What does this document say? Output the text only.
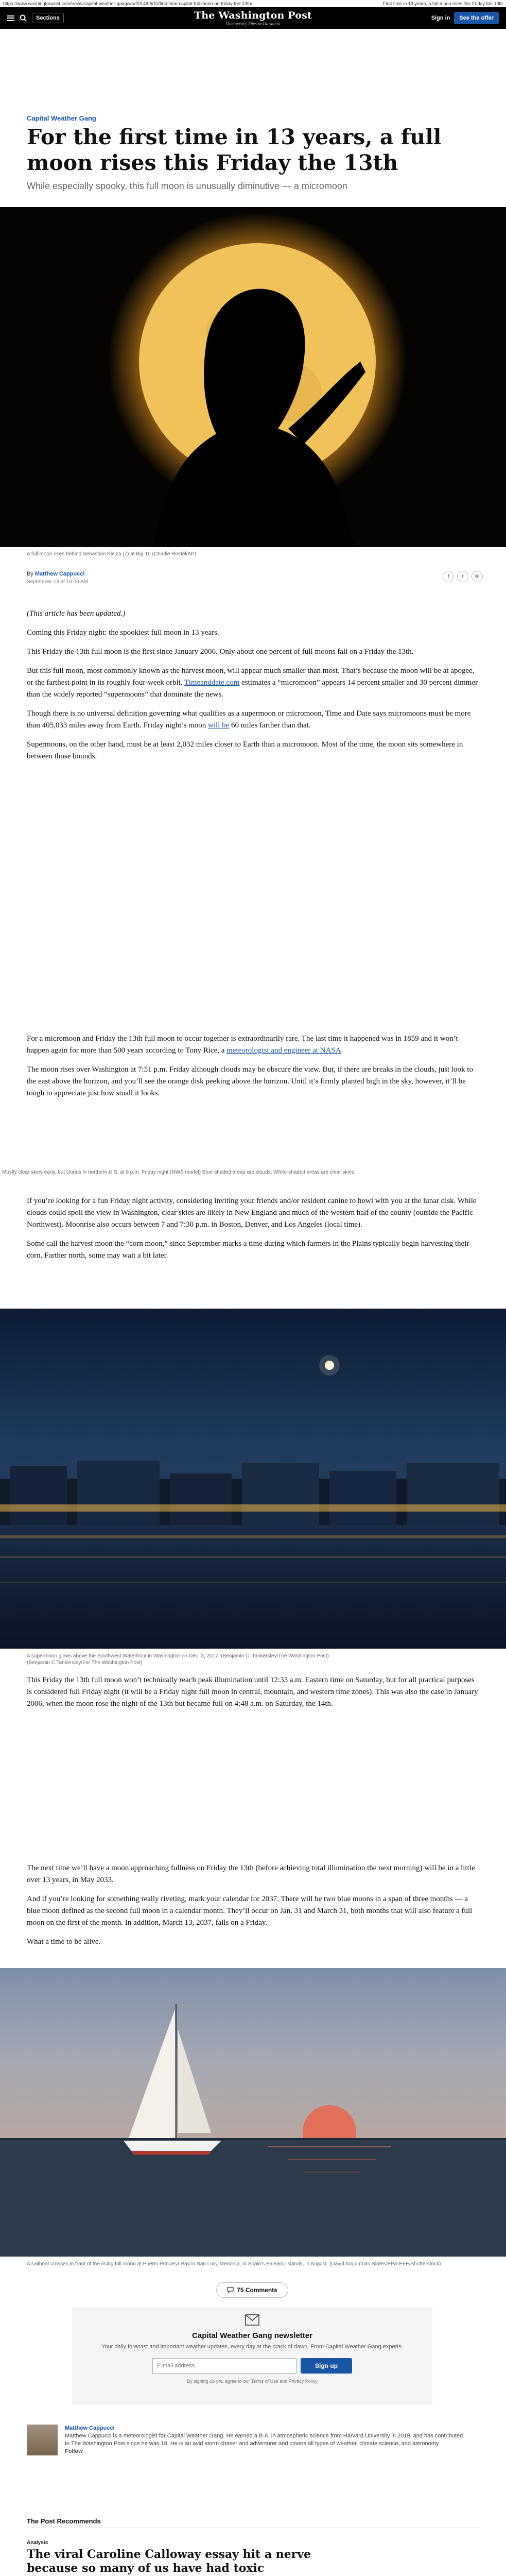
https://www.washingtonpost.com/news/capital-weather-gang/wp/2014/06/11/first-time-capital-full-moon-on-friday-the-13th/	First time in 13 years, a full moon rises this Friday the 13th
Sections	The Washington Post
Democracy Dies in Darkness
Sign in	See the offer
Capital Weather Gang
For the first time in 13 years, a full moon rises this Friday the 13th
While especially spooky, this full moon is unusually diminutive — a micromoon
A full moon rises behind Sebastian Kleiza (7) at Big 10 (Charlie Riedel/AP)
By Matthew Cappucci
September 13 at 10:00 AM
f	t	✉

(This article has been updated.)

Coming this Friday night: the spookiest full moon in 13 years.

This Friday the 13th full moon is the first since January 2006. Only about one percent of full moons fall on a Friday the 13th.

But this full moon, most commonly known as the harvest moon, will appear much smaller than most. That’s because the moon will be at apogee, or the farthest point in its roughly four-week orbit. Timeanddate.com estimates a “micromoon” appears 14 percent smaller and 30 percent dimmer than the widely reported “supermoons” that dominate the news.

Though there is no universal definition governing what qualifies as a supermoon or micromoon, Time and Date says micromoons must be more than 405,033 miles away from Earth. Friday night’s moon will be 60 miles farther than that.

Supermoons, on the other hand, must be at least 2,032 miles closer to Earth than a micromoon. Most of the time, the moon sits somewhere in between those bounds.

For a micromoon and Friday the 13th full moon to occur together is extraordinarily rare. The last time it happened was in 1859 and it won’t happen again for more than 500 years according to Tony Rice, a meteorologist and engineer at NASA.

The moon rises over Washington at 7:51 p.m. Friday although clouds may be obscure the view. But, if there are breaks in the clouds, just look to the east above the horizon, and you’ll see the orange disk peeking above the horizon. Until it’s firmly planted high in the sky, however, it’ll be tough to appreciate just how small it looks.

Mostly clear skies early, but clouds in northern U.S. at 8 p.m. Friday night (NWS model) Blue-shaded areas are clouds; White-shaded areas are clear skies.

If you’re looking for a fun Friday night activity, considering inviting your friends and/or resident canine to howl with you at the lunar disk. While clouds could spoil the view in Washington, clear skies are likely in New England and much of the western half of the county (outside the Pacific Northwest). Moonrise also occurs between 7 and 7:30 p.m. in Boston, Denver, and Los Angeles (local time).

Some call the harvest moon the “corn moon,” since September marks a time during which farmers in the Plains typically begin harvesting their corn. Farther north, some may wait a bit later.

A supermoon glows above the Southwest Waterfront in Washington on Dec. 3, 2017. (Benjamin C. Tankersley/The Washington Post)
(Benjamin C Tankersley/For The Washington Post)

This Friday the 13th full moon won’t technically reach peak illumination until 12:33 a.m. Eastern time on Saturday, but for all practical purposes is considered full Friday night (it will be a Friday night full moon in central, mountain, and western time zones). This was also the case in January 2006, when the moon rose the night of the 13th but became full on 4:48 a.m. on Saturday, the 14th.

The next time we’ll have a moon approaching fullness on Friday the 13th (before achieving total illumination the next morning) will be in a little over 13 years, in May 2033.

And if you’re looking for something really riveting, mark your calendar for 2037. There will be two blue moons in a span of three months — a blue moon defined as the second full moon in a calendar month. They’ll occur on Jan. 31 and March 31, both months that will also feature a full moon on the first of the month. In addition, March 13, 2037, falls on a Friday.

What a time to be alive.

A sailboat crosses in front of the rising full moon at Puerto Princesa Bay in San Luis, Menorca, in Spain’s Balearic Islands, in August. (David Arquimbau Sintes/EPA-EFE/Shutterstock)
75 Comments
Capital Weather Gang newsletter
Your daily forecast and important weather updates, every day at the crack of dawn. From Capital Weather Gang experts.
E-mail address
Sign up
By signing up you agree to our Terms of Use and Privacy Policy
Matthew Cappucci
Matthew Cappucci is a meteorologist for Capital Weather Gang. He earned a B.A. in atmospheric science from Harvard University in 2019, and has contributed to The Washington Post since he was 18. He is an avid storm chaser and adventurer and covers all types of weather, climate science, and astronomy.
Follow
The Post Recommends
Analysis
The viral Caroline Calloway essay hit a nerve because so many of us have had toxic
